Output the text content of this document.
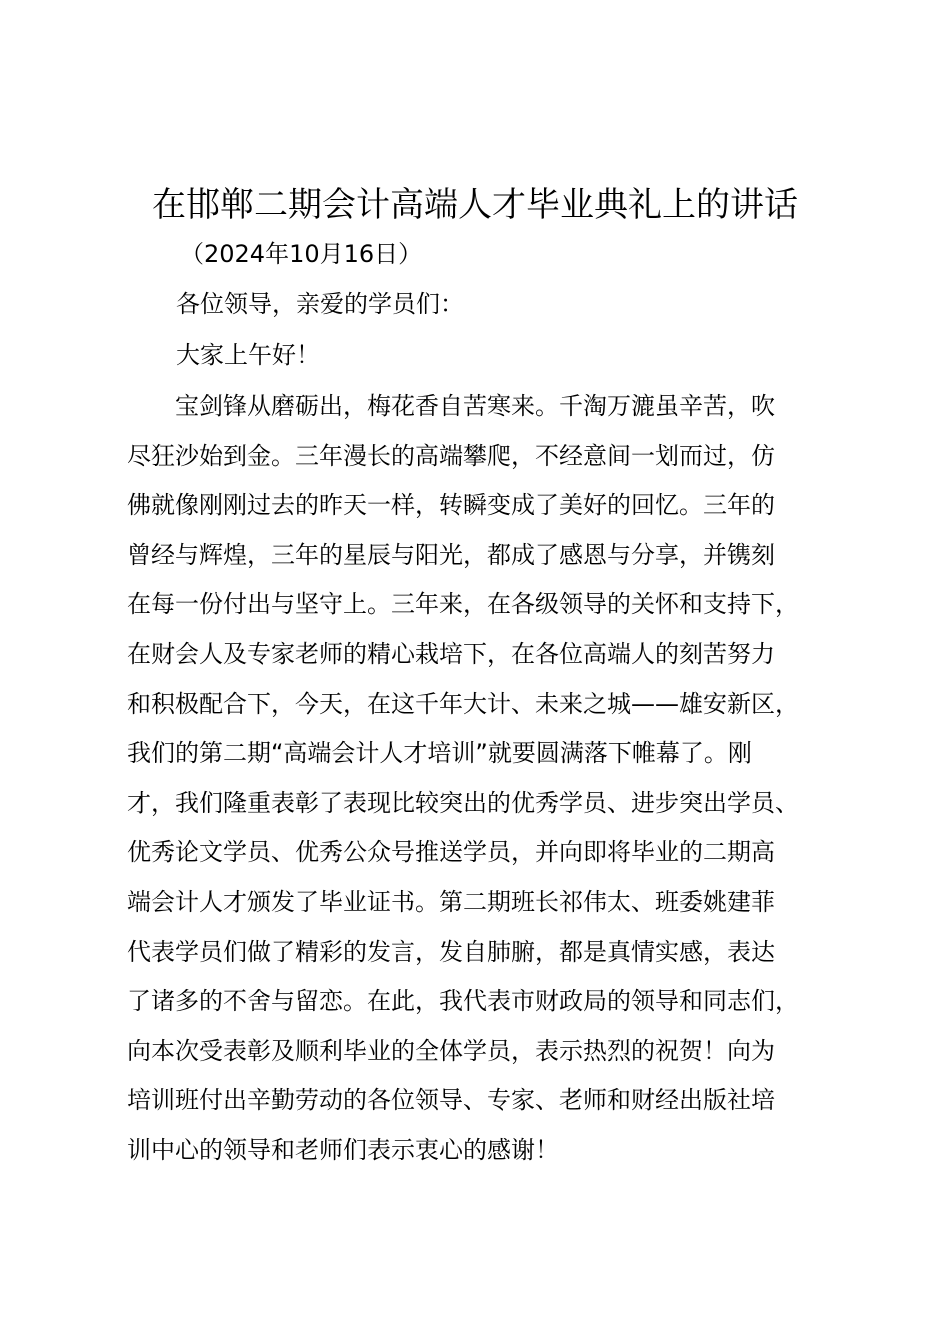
在邯郸二期会计高端人才毕业典礼上的讲话
（2024年10月16日）
各位领导，亲爱的学员们：
大家上午好！
宝剑锋从磨砺出，梅花香自苦寒来。千淘万漉虽辛苦，吹
尽狂沙始到金。三年漫长的高端攀爬，不经意间一划而过，仿
佛就像刚刚过去的昨天一样，转瞬变成了美好的回忆。三年的
曾经与辉煌，三年的星辰与阳光，都成了感恩与分享，并镌刻
在每一份付出与坚守上。三年来，在各级领导的关怀和支持下，
在财会人及专家老师的精心栽培下，在各位高端人的刻苦努力
和积极配合下，今天，在这千年大计、未来之城——雄安新区，
我们的第二期“高端会计人才培训”就要圆满落下帷幕了。刚
才，我们隆重表彰了表现比较突出的优秀学员、进步突出学员、
优秀论文学员、优秀公众号推送学员，并向即将毕业的二期高
端会计人才颁发了毕业证书。第二期班长祁伟太、班委姚建菲
代表学员们做了精彩的发言，发自肺腑，都是真情实感，表达
了诸多的不舍与留恋。在此，我代表市财政局的领导和同志们，
向本次受表彰及顺利毕业的全体学员，表示热烈的祝贺！向为
培训班付出辛勤劳动的各位领导、专家、老师和财经出版社培
训中心的领导和老师们表示衷心的感谢！
